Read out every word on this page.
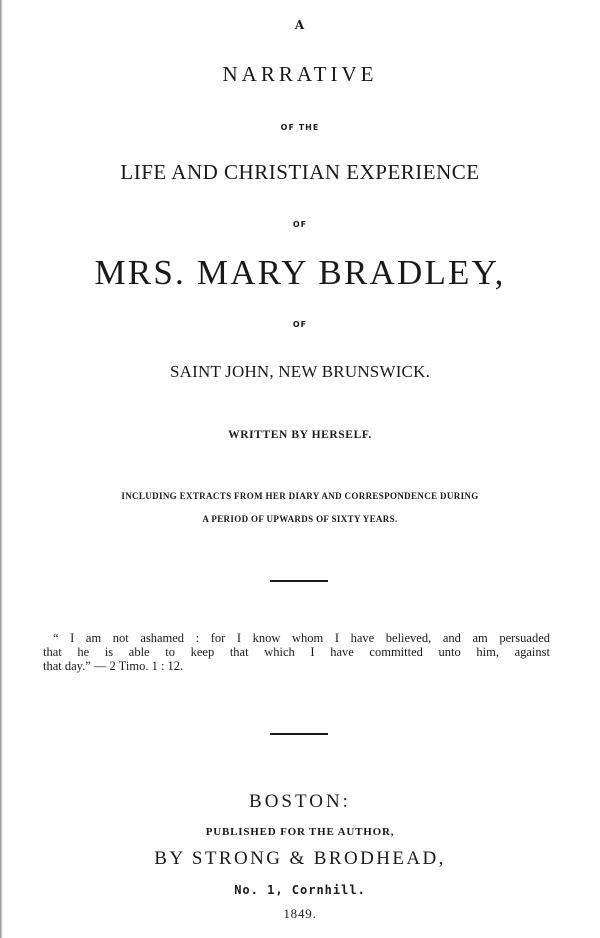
A
NARRATIVE
OF THE
LIFE AND CHRISTIAN EXPERIENCE
OF
MRS. MARY BRADLEY,
OF
SAINT JOHN, NEW BRUNSWICK.
WRITTEN BY HERSELF.
INCLUDING EXTRACTS FROM HER DIARY AND CORRESPONDENCE DURING
A PERIOD OF UPWARDS OF SIXTY YEARS.
“ I am not ashamed : for I know whom I have believed, and am persuaded
that he is able to keep that which I have committed unto him, against
that day.” — 2 Timo. 1 : 12.
BOSTON:
PUBLISHED FOR THE AUTHOR,
BY STRONG & BRODHEAD,
No. 1, Cornhill.
1849.
